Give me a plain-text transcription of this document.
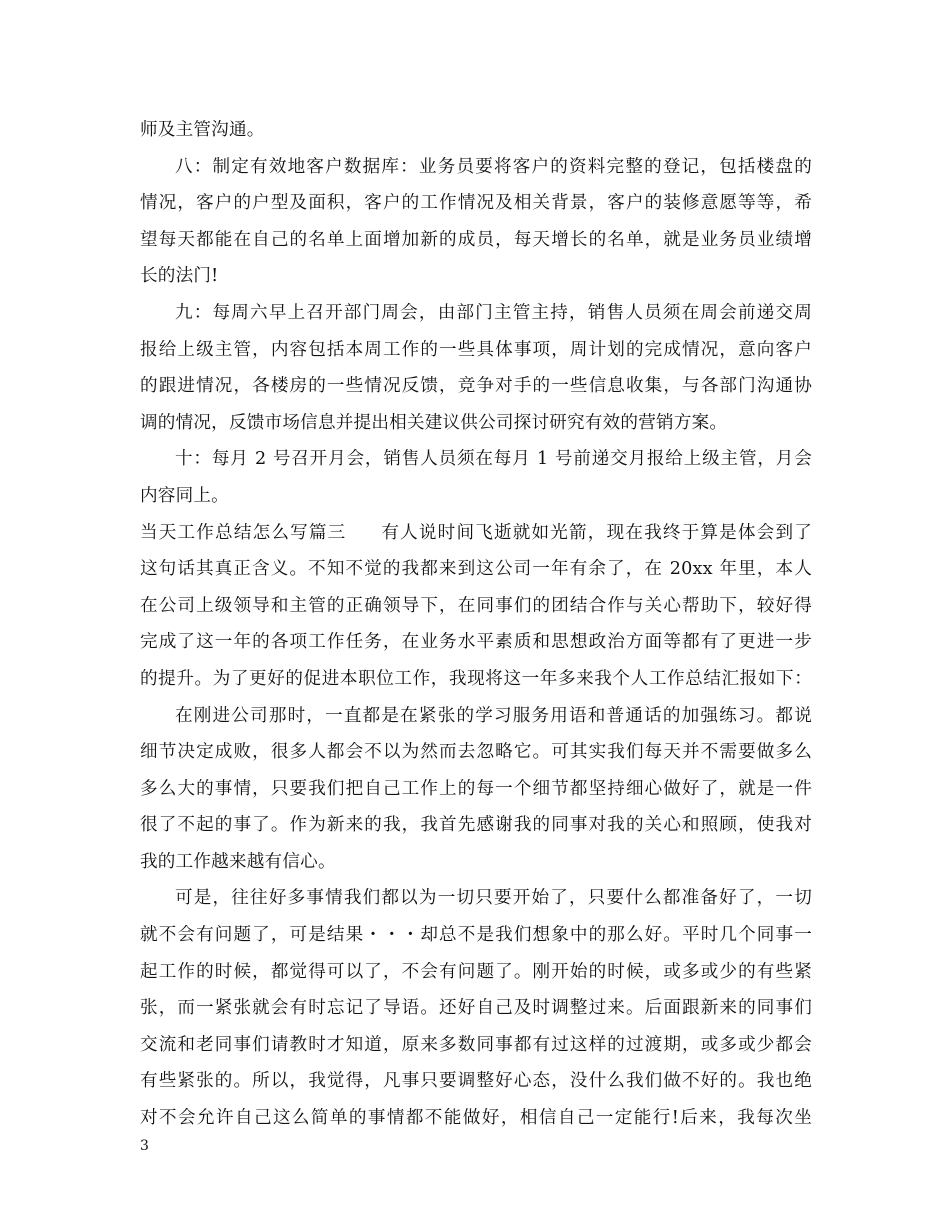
师及主管沟通。
八：制定有效地客户数据库：业务员要将客户的资料完整的登记，包括楼盘的
情况，客户的户型及面积，客户的工作情况及相关背景，客户的装修意愿等等，希
望每天都能在自己的名单上面增加新的成员，每天增长的名单，就是业务员业绩增
长的法门!
九：每周六早上召开部门周会，由部门主管主持，销售人员须在周会前递交周
报给上级主管，内容包括本周工作的一些具体事项，周计划的完成情况，意向客户
的跟进情况，各楼房的一些情况反馈，竞争对手的一些信息收集，与各部门沟通协
调的情况，反馈市场信息并提出相关建议供公司探讨研究有效的营销方案。
十：每月 2 号召开月会，销售人员须在每月 1 号前递交月报给上级主管，月会
内容同上。
当天工作总结怎么写篇三 有人说时间飞逝就如光箭，现在我终于算是体会到了
这句话其真正含义。不知不觉的我都来到这公司一年有余了，在 20xx 年里，本人
在公司上级领导和主管的正确领导下，在同事们的团结合作与关心帮助下，较好得
完成了这一年的各项工作任务，在业务水平素质和思想政治方面等都有了更进一步
的提升。为了更好的促进本职位工作，我现将这一年多来我个人工作总结汇报如下：
在刚进公司那时，一直都是在紧张的学习服务用语和普通话的加强练习。都说
细节决定成败，很多人都会不以为然而去忽略它。可其实我们每天并不需要做多么
多么大的事情，只要我们把自己工作上的每一个细节都坚持细心做好了，就是一件
很了不起的事了。作为新来的我，我首先感谢我的同事对我的关心和照顾，使我对
我的工作越来越有信心。
可是，往往好多事情我们都以为一切只要开始了，只要什么都准备好了，一切
就不会有问题了，可是结果・・・却总不是我们想象中的那么好。平时几个同事一
起工作的时候，都觉得可以了，不会有问题了。刚开始的时候，或多或少的有些紧
张，而一紧张就会有时忘记了导语。还好自己及时调整过来。后面跟新来的同事们
交流和老同事们请教时才知道，原来多数同事都有过这样的过渡期，或多或少都会
有些紧张的。所以，我觉得，凡事只要调整好心态，没什么我们做不好的。我也绝
对不会允许自己这么简单的事情都不能做好，相信自己一定能行!后来，我每次坐
3
